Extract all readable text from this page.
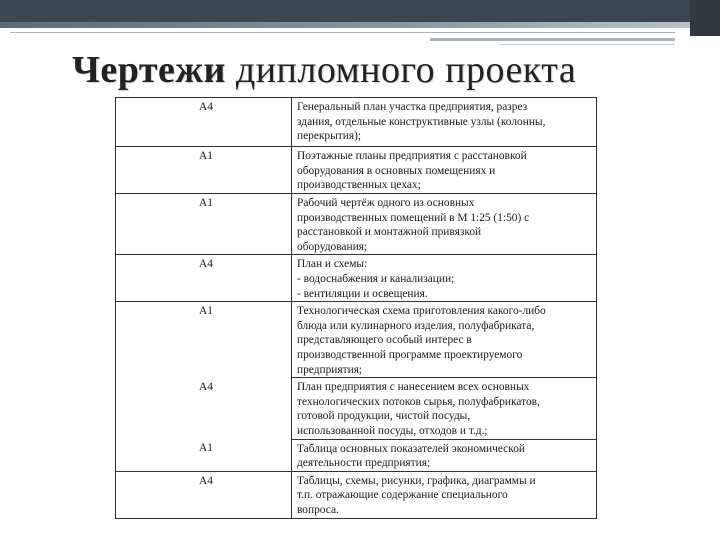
Чертежи дипломного проекта
А4	Генеральный план участка предприятия, разрез
здания, отдельные конструктивные узлы (колонны,
перекрытия);

А1	Поэтажные планы предприятия с расстановкой
оборудования в основных помещениях и
производственных цехах;

А1	Рабочий чертёж одного из основных
производственных помещений в М 1:25 (1:50) с
расстановкой и монтажной привязкой
оборудования;

А4	План и схемы:
- водоснабжения и канализации;
- вентиляции и освещения.

А1	Технологическая схема приготовления какого-либо
блюда или кулинарного изделия, полуфабриката,
представляющего особый интерес в
производственной программе проектируемого
предприятия;

А4	План предприятия с нанесением всех основных
технологических потоков сырья, полуфабрикатов,
готовой продукции, чистой посуды,
использованной посуды, отходов и т.д.;

А1	Таблица основных показателей экономической
деятельности предприятия;

А4	Таблицы, схемы, рисунки, графика, диаграммы и
т.п. отражающие содержание специального
вопроса.
